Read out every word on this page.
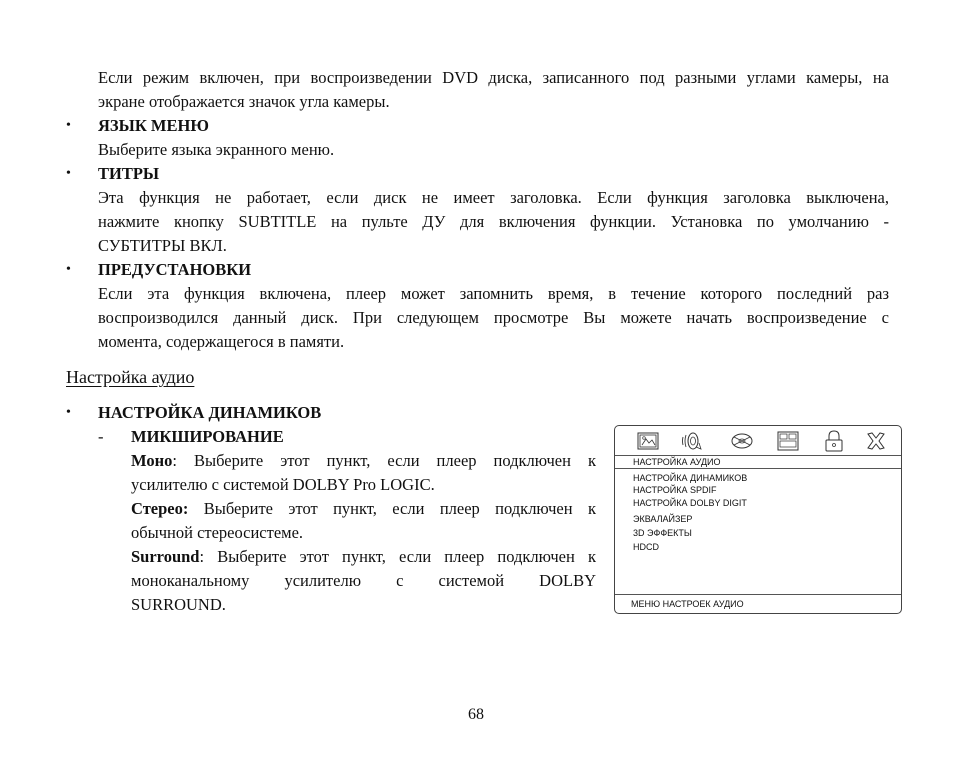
Если режим включен, при воспроизведении DVD диска, записанного под разными углами камеры, на
экране отображается значок угла камеры.
• ЯЗЫК МЕНЮ
Выберите языка экранного меню.
• ТИТРЫ
Эта функция не работает, если диск не имеет заголовка. Если функция заголовка выключена,
нажмите кнопку SUBTITLE на пульте ДУ для включения функции. Установка по умолчанию -
СУБТИТРЫ ВКЛ.
• ПРЕДУСТАНОВКИ
Если эта функция включена, плеер может запомнить время, в течение которого последний раз
воспроизводился данный диск. При следующем просмотре Вы можете начать воспроизведение с
момента, содержащегося в памяти.
Настройка аудио
• НАСТРОЙКА ДИНАМИКОВ
- МИКШИРОВАНИЕ
Моно: Выберите этот пункт, если плеер подключен к
усилителю с системой DOLBY Pro LOGIC.
Стерео: Выберите этот пункт, если плеер подключен к
обычной стереосистеме.
Surround: Выберите этот пункт, если плеер подключен к
моноканальному усилителю с системой DOLBY
SURROUND.
НАСТРОЙКА АУДИО
НАСТРОЙКА ДИНАМИКОВ
НАСТРОЙКА SPDIF
НАСТРОЙКА DOLBY DIGIT
ЭКВАЛАЙЗЕР
3D ЭФФЕКТЫ
HDCD
МЕНЮ НАСТРОЕК АУДИО
68
